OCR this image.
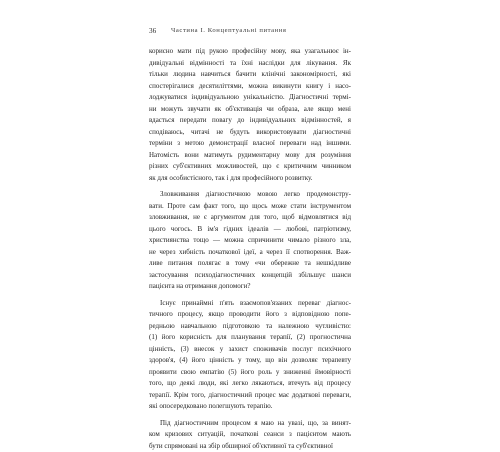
36 Частина I. Концептуальні питання

корисно мати під рукою професійну мову, яка узагальнює ін-
дивідуальні відмінності та їхні наслідки для лікування. Як
тільки людина навчиться бачити клінічні закономірності, які
спостерігалися десятиліттями, можна викинути книгу і насо-
лоджуватися індивідуальною унікальністю. Діагностичні термі-
ни можуть звучати як об'єктивація чи образа, але якщо мені
вдасться передати повагу до індивідуальних відмінностей, я
сподіваюсь, читачі не будуть використовувати діагностичні
терміни з метою демонстрації власної переваги над іншими.
Натомість вони матимуть рудиментарну мову для розуміння
різних суб'єктивних можливостей, що є критичним чинником
як для особистісного, так і для професійного розвитку.

Зловживання діагностичною мовою легко продемонстру-
вати. Проте сам факт того, що щось може стати інструментом
зловживання, не є аргументом для того, щоб відмовлятися від
цього чогось. В ім'я гідних ідеалів — любові, патріотизму,
християнства тощо — можна спричинити чимало різного зла,
не через хибність початкової ідеї, а через її спотворення. Важ-
ливе питання полягає в тому «чи обережне та нешкідливе
застосування психодіагностичних концепцій збільшує шанси
пацієнта на отримання допомоги?

Існує принаймні п'ять взаємопов'язаних переваг діагнос-
тичного процесу, якщо проводити його з відповідною попе-
редньою навчальною підготовкою та належною чутливістю:
(1) його корисність для планування терапії, (2) прогностична
цінність, (3) внесок у захист споживачів послуг психічного
здоров'я, (4) його цінність у тому, що він дозволяє терапевту
проявити свою емпатію (5) його роль у зниженні ймовірності
того, що деякі люди, які легко лякаються, втечуть від процесу
терапії. Крім того, діагностичний процес має додаткові переваги,
які опосередковано полегшують терапію.

Під діагностичним процесом я маю на увазі, що, за винят-
ком кризових ситуацій, початкові сеанси з пацієнтом мають
бути спрямовані на збір обширної об'єктивної та суб'єктивної
